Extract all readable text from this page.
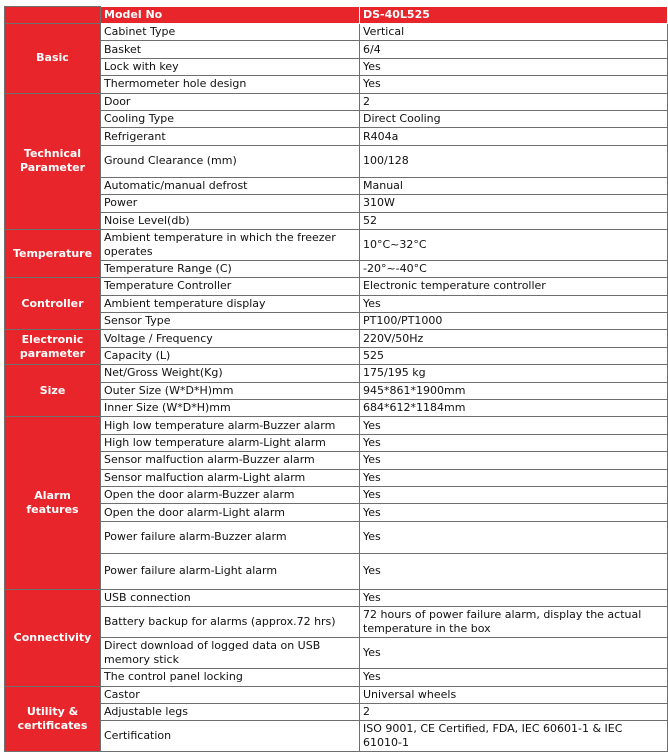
	Model No	DS-40L525
Basic	Cabinet Type	Vertical
	Basket	6/4
	Lock with key	Yes
	Thermometer hole design	Yes
Technical Parameter	Door	2
	Cooling Type	Direct Cooling
	Refrigerant	R404a
	Ground Clearance (mm)	100/128
	Automatic/manual defrost	Manual
	Power	310W
	Noise Level(db)	52
Temperature	Ambient temperature in which the freezer operates	10°C~32°C
	Temperature Range (C)	-20°~-40°C
Controller	Temperature Controller	Electronic temperature controller
	Ambient temperature display	Yes
	Sensor Type	PT100/PT1000
Electronic parameter	Voltage / Frequency	220V/50Hz
	Capacity (L)	525
Size	Net/Gross Weight(Kg)	175/195 kg
	Outer Size (W*D*H)mm	945*861*1900mm
	Inner Size (W*D*H)mm	684*612*1184mm
Alarm features	High low temperature alarm-Buzzer alarm	Yes
	High low temperature alarm-Light alarm	Yes
	Sensor malfuction alarm-Buzzer alarm	Yes
	Sensor malfuction alarm-Light alarm	Yes
	Open the door alarm-Buzzer alarm	Yes
	Open the door alarm-Light alarm	Yes
	Power failure alarm-Buzzer alarm	Yes
	Power failure alarm-Light alarm	Yes
Connectivity	USB connection	Yes
	Battery backup for alarms (approx.72 hrs)	72 hours of power failure alarm, display the actual temperature in the box
	Direct download of logged data on USB memory stick	Yes
	The control panel locking	Yes
Utility & certificates	Castor	Universal wheels
	Adjustable legs	2
	Certification	ISO 9001, CE Certified, FDA, IEC 60601-1 & IEC 61010-1
